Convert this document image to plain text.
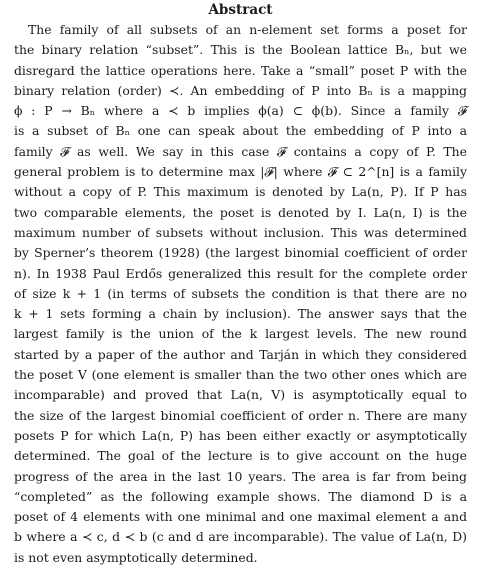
Abstract
The family of all subsets of an n-element set forms a poset for
the binary relation “subset”. This is the Boolean lattice Bₙ, but we
disregard the lattice operations here. Take a “small” poset P with the
binary relation (order) ≺. An embedding of P into Bₙ is a mapping
ϕ : P → Bₙ where a ≺ b implies ϕ(a) ⊂ ϕ(b). Since a family 𝓕
is a subset of Bₙ one can speak about the embedding of P into a
family 𝓕 as well. We say in this case 𝓕 contains a copy of P. The
general problem is to determine max |𝓕| where 𝓕 ⊂ 2^[n] is a family
without a copy of P. This maximum is denoted by La(n, P). If P has
two comparable elements, the poset is denoted by I. La(n, I) is the
maximum number of subsets without inclusion. This was determined
by Sperner’s theorem (1928) (the largest binomial coefficient of order
n). In 1938 Paul Erdős generalized this result for the complete order
of size k + 1 (in terms of subsets the condition is that there are no
k + 1 sets forming a chain by inclusion). The answer says that the
largest family is the union of the k largest levels. The new round
started by a paper of the author and Tarján in which they considered
the poset V (one element is smaller than the two other ones which are
incomparable) and proved that La(n, V) is asymptotically equal to
the size of the largest binomial coefficient of order n. There are many
posets P for which La(n, P) has been either exactly or asymptotically
determined. The goal of the lecture is to give account on the huge
progress of the area in the last 10 years. The area is far from being
“completed” as the following example shows. The diamond D is a
poset of 4 elements with one minimal and one maximal element a and
b where a ≺ c, d ≺ b (c and d are incomparable). The value of La(n, D)
is not even asymptotically determined.
